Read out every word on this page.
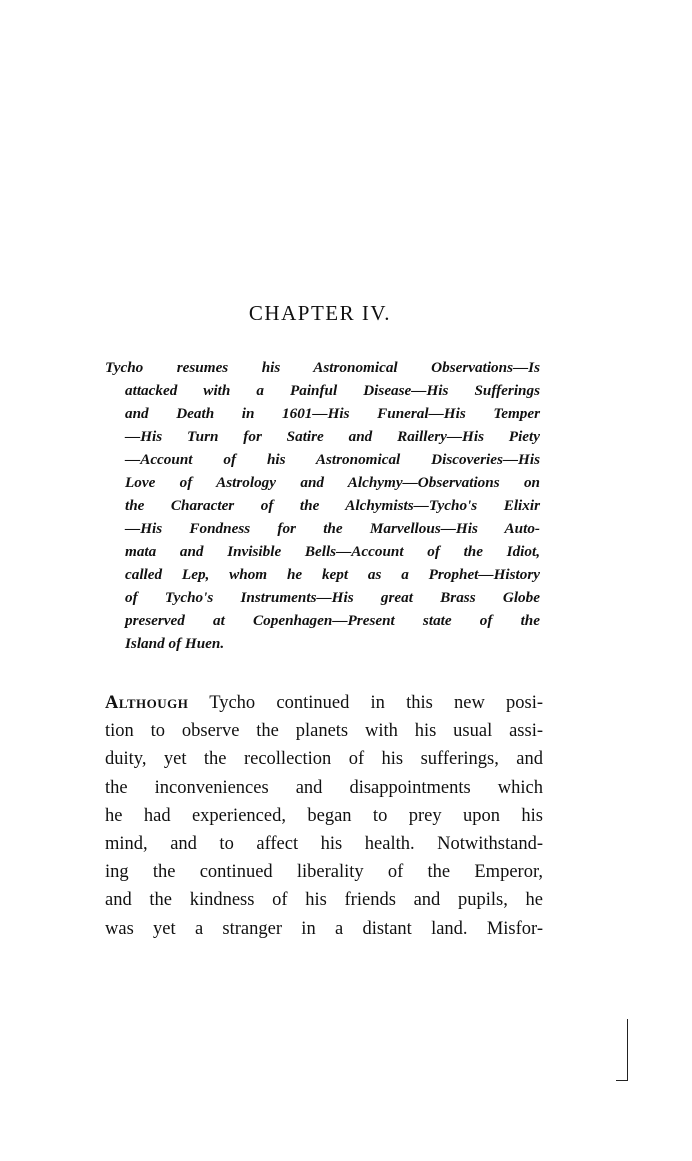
CHAPTER IV.
Tycho resumes his Astronomical Observations—Is
attacked with a Painful Disease—His Sufferings
and Death in 1601—His Funeral—His Temper
—His Turn for Satire and Raillery—His Piety
—Account of his Astronomical Discoveries—His
Love of Astrology and Alchymy—Observations on
the Character of the Alchymists—Tycho's Elixir
—His Fondness for the Marvellous—His Auto-
mata and Invisible Bells—Account of the Idiot,
called Lep, whom he kept as a Prophet—History
of Tycho's Instruments—His great Brass Globe
preserved at Copenhagen—Present state of the
Island of Huen.
Although Tycho continued in this new posi-
tion to observe the planets with his usual assi-
duity, yet the recollection of his sufferings, and
the inconveniences and disappointments which
he had experienced, began to prey upon his
mind, and to affect his health. Notwithstand-
ing the continued liberality of the Emperor,
and the kindness of his friends and pupils, he
was yet a stranger in a distant land. Misfor-
